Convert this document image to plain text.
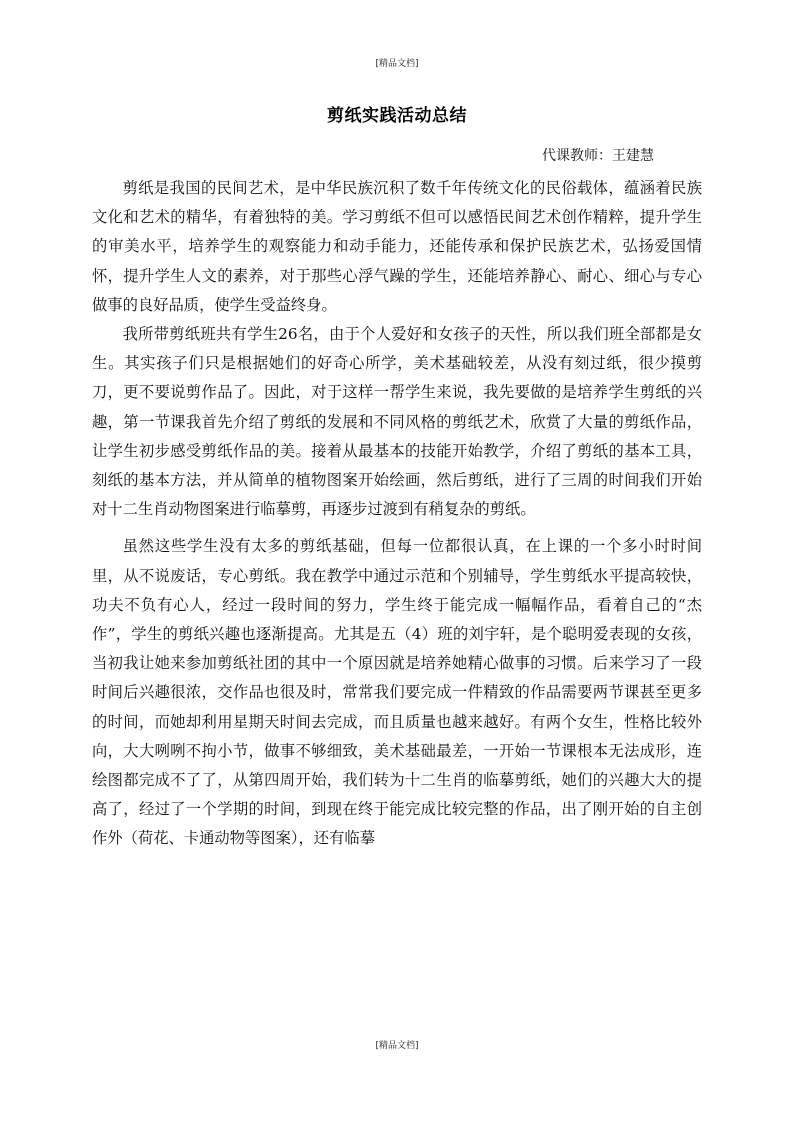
[精品文档]
剪纸实践活动总结
代课教师：王建慧

剪纸是我国的民间艺术，是中华民族沉积了数千年传统文化的民俗载体，蕴涵着民族文化和艺术的精华，有着独特的美。学习剪纸不但可以感悟民间艺术创作精粹，提升学生的审美水平，培养学生的观察能力和动手能力，还能传承和保护民族艺术，弘扬爱国情怀，提升学生人文的素养，对于那些心浮气躁的学生，还能培养静心、耐心、细心与专心做事的良好品质，使学生受益终身。

我所带剪纸班共有学生26名，由于个人爱好和女孩子的天性，所以我们班全部都是女生。其实孩子们只是根据她们的好奇心所学，美术基础较差，从没有刻过纸，很少摸剪刀，更不要说剪作品了。因此，对于这样一帮学生来说，我先要做的是培养学生剪纸的兴趣，第一节课我首先介绍了剪纸的发展和不同风格的剪纸艺术，欣赏了大量的剪纸作品，让学生初步感受剪纸作品的美。接着从最基本的技能开始教学，介绍了剪纸的基本工具，刻纸的基本方法，并从简单的植物图案开始绘画，然后剪纸，进行了三周的时间我们开始对十二生肖动物图案进行临摹剪，再逐步过渡到有稍复杂的剪纸。

虽然这些学生没有太多的剪纸基础，但每一位都很认真，在上课的一个多小时时间里，从不说废话，专心剪纸。我在教学中通过示范和个别辅导，学生剪纸水平提高较快，功夫不负有心人，经过一段时间的努力，学生终于能完成一幅幅作品，看着自己的“杰作”，学生的剪纸兴趣也逐渐提高。尤其是五（4）班的刘宇轩，是个聪明爱表现的女孩，当初我让她来参加剪纸社团的其中一个原因就是培养她精心做事的习惯。后来学习了一段时间后兴趣很浓，交作品也很及时，常常我们要完成一件精致的作品需要两节课甚至更多的时间，而她却利用星期天时间去完成，而且质量也越来越好。有两个女生，性格比较外向，大大咧咧不拘小节，做事不够细致，美术基础最差，一开始一节课根本无法成形，连绘图都完成不了了，从第四周开始，我们转为十二生肖的临摹剪纸，她们的兴趣大大的提高了，经过了一个学期的时间，到现在终于能完成比较完整的作品，出了刚开始的自主创作外（荷花、卡通动物等图案），还有临摹

[精品文档]
